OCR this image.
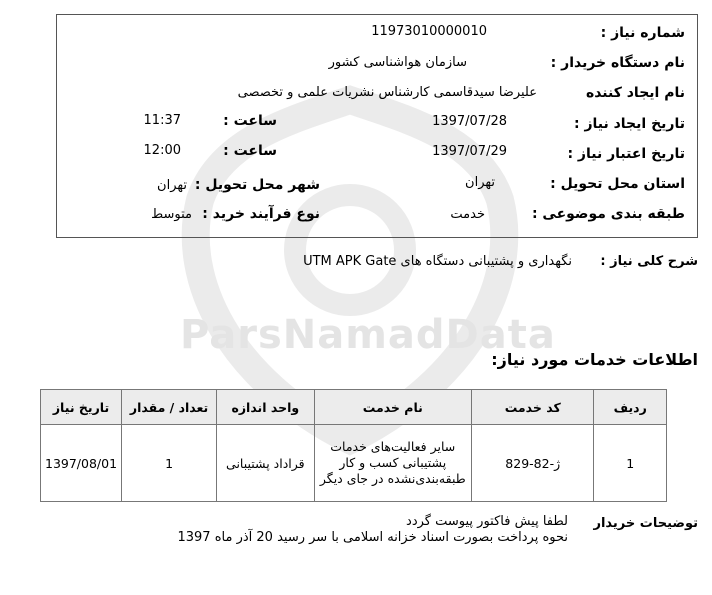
ParsNamadData
شماره نیاز :
11973010000010
نام دستگاه خریدار :
سازمان هواشناسی کشور
نام ایجاد کننده
علیرضا سیدقاسمی کارشناس نشریات علمی و تخصصی
تاریخ ایجاد نیاز :
1397/07/28
ساعت :
11:37
تاریخ اعتبار نیاز :
1397/07/29
ساعت :
12:00
استان محل تحویل :
تهران
شهر محل تحویل :
تهران
طبقه بندی موضوعی :
خدمت
نوع فرآیند خرید :
متوسط
شرح کلی نیاز :
نگهداری و پشتیبانی دستگاه های UTM APK Gate
اطلاعات خدمات مورد نیاز:
ردیف	کد خدمت	نام خدمت	واحد اندازه	تعداد / مقدار	تاریخ نیاز
1	ژ-82-829	سایر فعالیت‌های خدمات
پشتیبانی کسب و کار
طبقه‌بندی‌نشده در جای دیگر	قراداد پشتیبانی	1	1397/08/01
توضیحات خریدار
لطفا پیش فاکتور پیوست گردد
نحوه پرداخت بصورت اسناد خزانه اسلامی با سر رسید 20 آذر ماه 1397
